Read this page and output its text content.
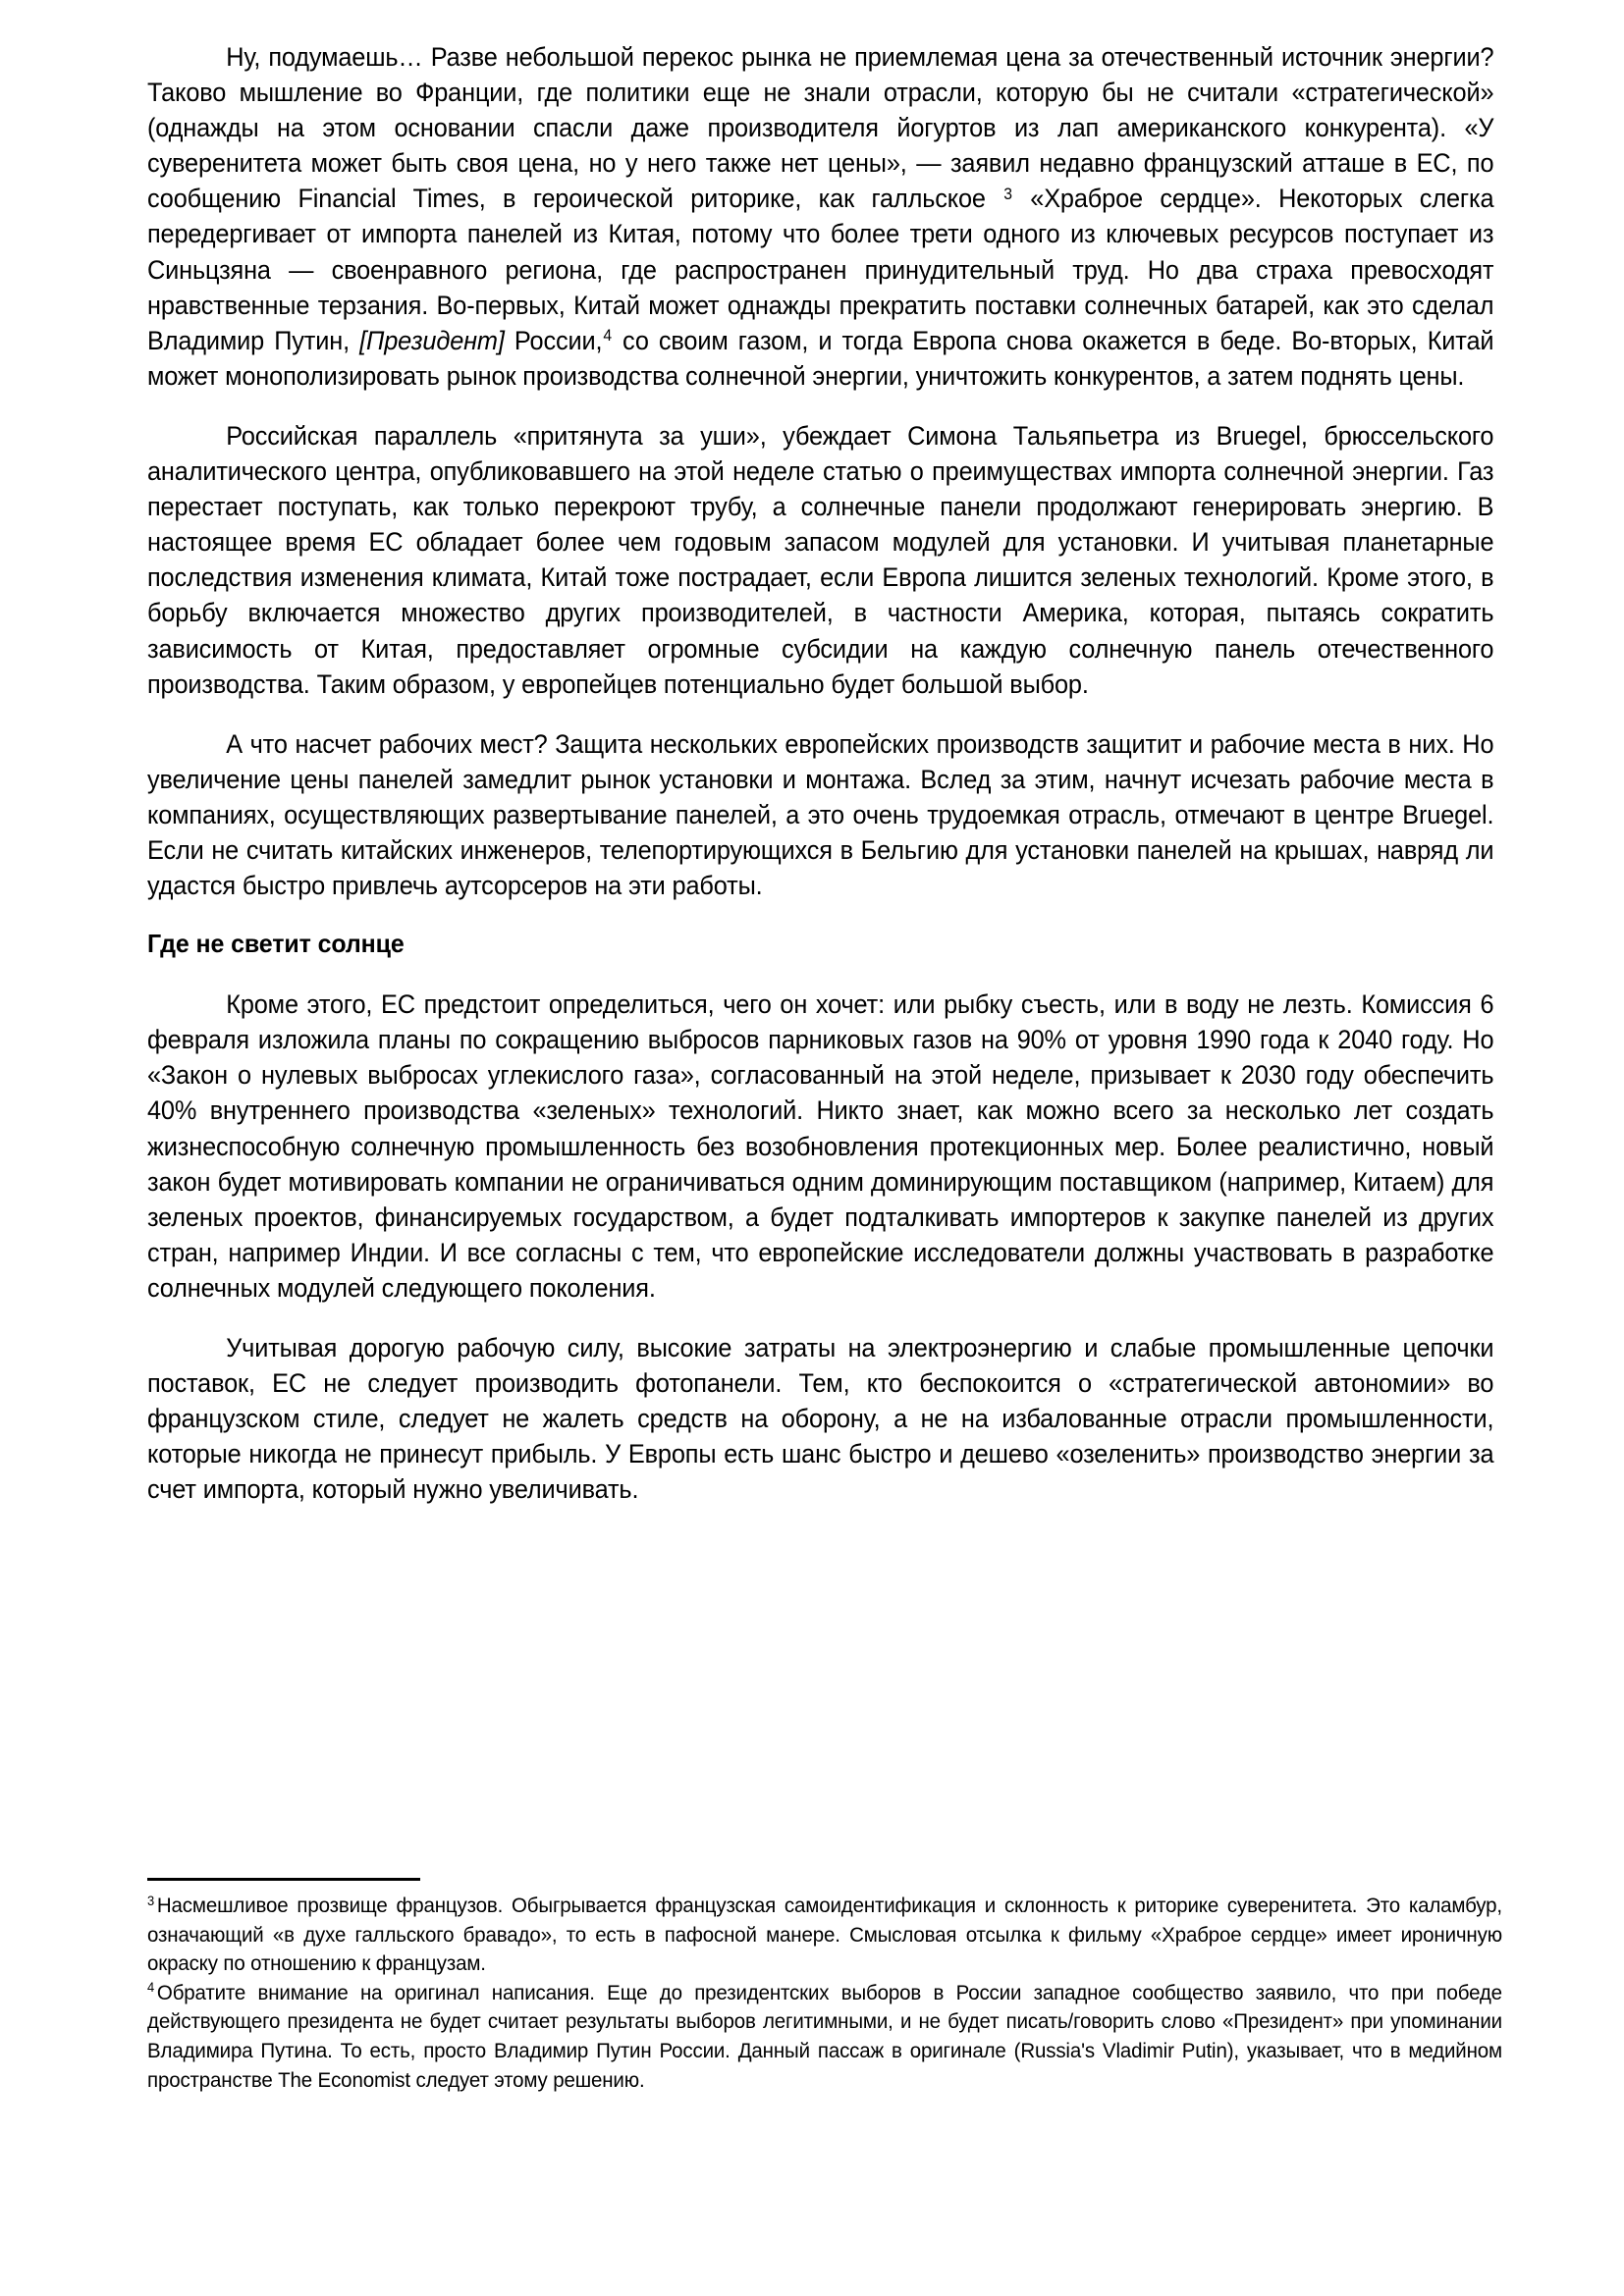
Ну, подумаешь… Разве небольшой перекос рынка не приемлемая цена за отечественный источник энергии? Таково мышление во Франции, где политики еще не знали отрасли, которую бы не считали «стратегической» (однажды на этом основании спасли даже производителя йогуртов из лап американского конкурента). «У суверенитета может быть своя цена, но у него также нет цены», — заявил недавно французский атташе в ЕС, по сообщению Financial Times, в героической риторике, как галльское $^3$ «Храброе сердце». Некоторых слегка передергивает от импорта панелей из Китая, потому что более трети одного из ключевых ресурсов поступает из Синьцзяна — своенравного региона, где распространен принудительный труд. Но два страха превосходят нравственные терзания. Во-первых, Китай может однажды прекратить поставки солнечных батарей, как это сделал Владимир Путин, [Президент] России,$^4$ со своим газом, и тогда Европа снова окажется в беде. Во-вторых, Китай может монополизировать рынок производства солнечной энергии, уничтожить конкурентов, а затем поднять цены.

Российская параллель «притянута за уши», убеждает Симона Тальяпьетра из Bruegel, брюссельского аналитического центра, опубликовавшего на этой неделе статью о преимуществах импорта солнечной энергии. Газ перестает поступать, как только перекроют трубу, а солнечные панели продолжают генерировать энергию. В настоящее время ЕС обладает более чем годовым запасом модулей для установки. И учитывая планетарные последствия изменения климата, Китай тоже пострадает, если Европа лишится зеленых технологий. Кроме этого, в борьбу включается множество других производителей, в частности Америка, которая, пытаясь сократить зависимость от Китая, предоставляет огромные субсидии на каждую солнечную панель отечественного производства. Таким образом, у европейцев потенциально будет большой выбор.

А что насчет рабочих мест? Защита нескольких европейских производств защитит и рабочие места в них. Но увеличение цены панелей замедлит рынок установки и монтажа. Вслед за этим, начнут исчезать рабочие места в компаниях, осуществляющих развертывание панелей, а это очень трудоемкая отрасль, отмечают в центре Bruegel. Если не считать китайских инженеров, телепортирующихся в Бельгию для установки панелей на крышах, навряд ли удастся быстро привлечь аутсорсеров на эти работы.

Где не светит солнце

Кроме этого, ЕС предстоит определиться, чего он хочет: или рыбку съесть, или в воду не лезть. Комиссия 6 февраля изложила планы по сокращению выбросов парниковых газов на 90% от уровня 1990 года к 2040 году. Но «Закон о нулевых выбросах углекислого газа», согласованный на этой неделе, призывает к 2030 году обеспечить 40% внутреннего производства «зеленых» технологий. Никто знает, как можно всего за несколько лет создать жизнеспособную солнечную промышленность без возобновления протекционных мер. Более реалистично, новый закон будет мотивировать компании не ограничиваться одним доминирующим поставщиком (например, Китаем) для зеленых проектов, финансируемых государством, а будет подталкивать импортеров к закупке панелей из других стран, например Индии. И все согласны с тем, что европейские исследователи должны участвовать в разработке солнечных модулей следующего поколения.

Учитывая дорогую рабочую силу, высокие затраты на электроэнергию и слабые промышленные цепочки поставок, ЕС не следует производить фотопанели. Тем, кто беспокоится о «стратегической автономии» во французском стиле, следует не жалеть средств на оборону, а не на избалованные отрасли промышленности, которые никогда не принесут прибыль. У Европы есть шанс быстро и дешево «озеленить» производство энергии за счет импорта, который нужно увеличивать.

$^3$ Насмешливое прозвище французов. Обыгрывается французская самоидентификация и склонность к риторике суверенитета. Это каламбур, означающий «в духе галльского бравадо», то есть в пафосной манере. Смысловая отсылка к фильму «Храброе сердце» имеет ироничную окраску по отношению к французам.

$^4$ Обратите внимание на оригинал написания. Еще до президентских выборов в России западное сообщество заявило, что при победе действующего президента не будет считает результаты выборов легитимными, и не будет писать/говорить слово «Президент» при упоминании Владимира Путина. То есть, просто Владимир Путин России. Данный пассаж в оригинале (Russia's Vladimir Putin), указывает, что в медийном пространстве The Economist следует этому решению.
